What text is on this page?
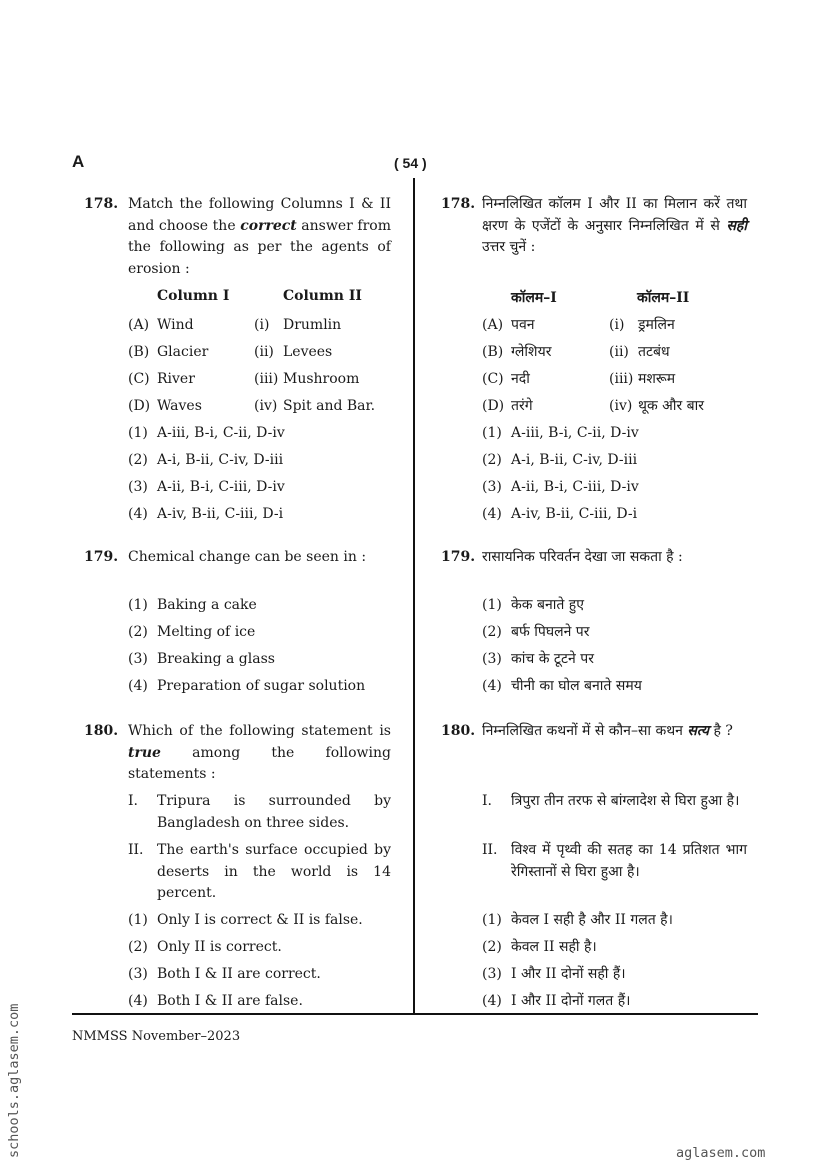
A	( 54 )
NMMSS November–2023
schools.aglasem.com	aglasem.com
178. Match the following Columns I & II and choose the correct answer from the following as per the agents of erosion :
Column I	Column II
(A) Wind	(i) Drumlin
(B) Glacier	(ii) Levees
(C) River	(iii) Mushroom
(D) Waves	(iv) Spit and Bar.
(1) A-iii, B-i, C-ii, D-iv
(2) A-i, B-ii, C-iv, D-iii
(3) A-ii, B-i, C-iii, D-iv
(4) A-iv, B-ii, C-iii, D-i
179. Chemical change can be seen in :
(1) Baking a cake
(2) Melting of ice
(3) Breaking a glass
(4) Preparation of sugar solution
180. Which of the following statement is true among the following statements :
I. Tripura is surrounded by Bangladesh on three sides.
II. The earth's surface occupied by deserts in the world is 14 percent.
(1) Only I is correct & II is false.
(2) Only II is correct.
(3) Both I & II are correct.
(4) Both I & II are false.
178. निम्नलिखित कॉलम I और II का मिलान करें तथा क्षरण के एजेंटों के अनुसार निम्नलिखित में से सही उत्तर चुनें :
कॉलम–I	कॉलम–II
(A) पवन	(i) ड्रमलिन
(B) ग्लेशियर	(ii) तटबंध
(C) नदी	(iii) मशरूम
(D) तरंगे	(iv) थूक और बार
(1) A-iii, B-i, C-ii, D-iv
(2) A-i, B-ii, C-iv, D-iii
(3) A-ii, B-i, C-iii, D-iv
(4) A-iv, B-ii, C-iii, D-i
179. रासायनिक परिवर्तन देखा जा सकता है :
(1) केक बनाते हुए
(2) बर्फ पिघलने पर
(3) कांच के टूटने पर
(4) चीनी का घोल बनाते समय
180. निम्नलिखित कथनों में से कौन–सा कथन सत्य है ?
I. त्रिपुरा तीन तरफ से बांग्लादेश से घिरा हुआ है।
II. विश्व में पृथ्वी की सतह का 14 प्रतिशत भाग रेगिस्तानों से घिरा हुआ है।
(1) केवल I सही है और II गलत है।
(2) केवल II सही है।
(3) I और II दोनों सही हैं।
(4) I और II दोनों गलत हैं।
